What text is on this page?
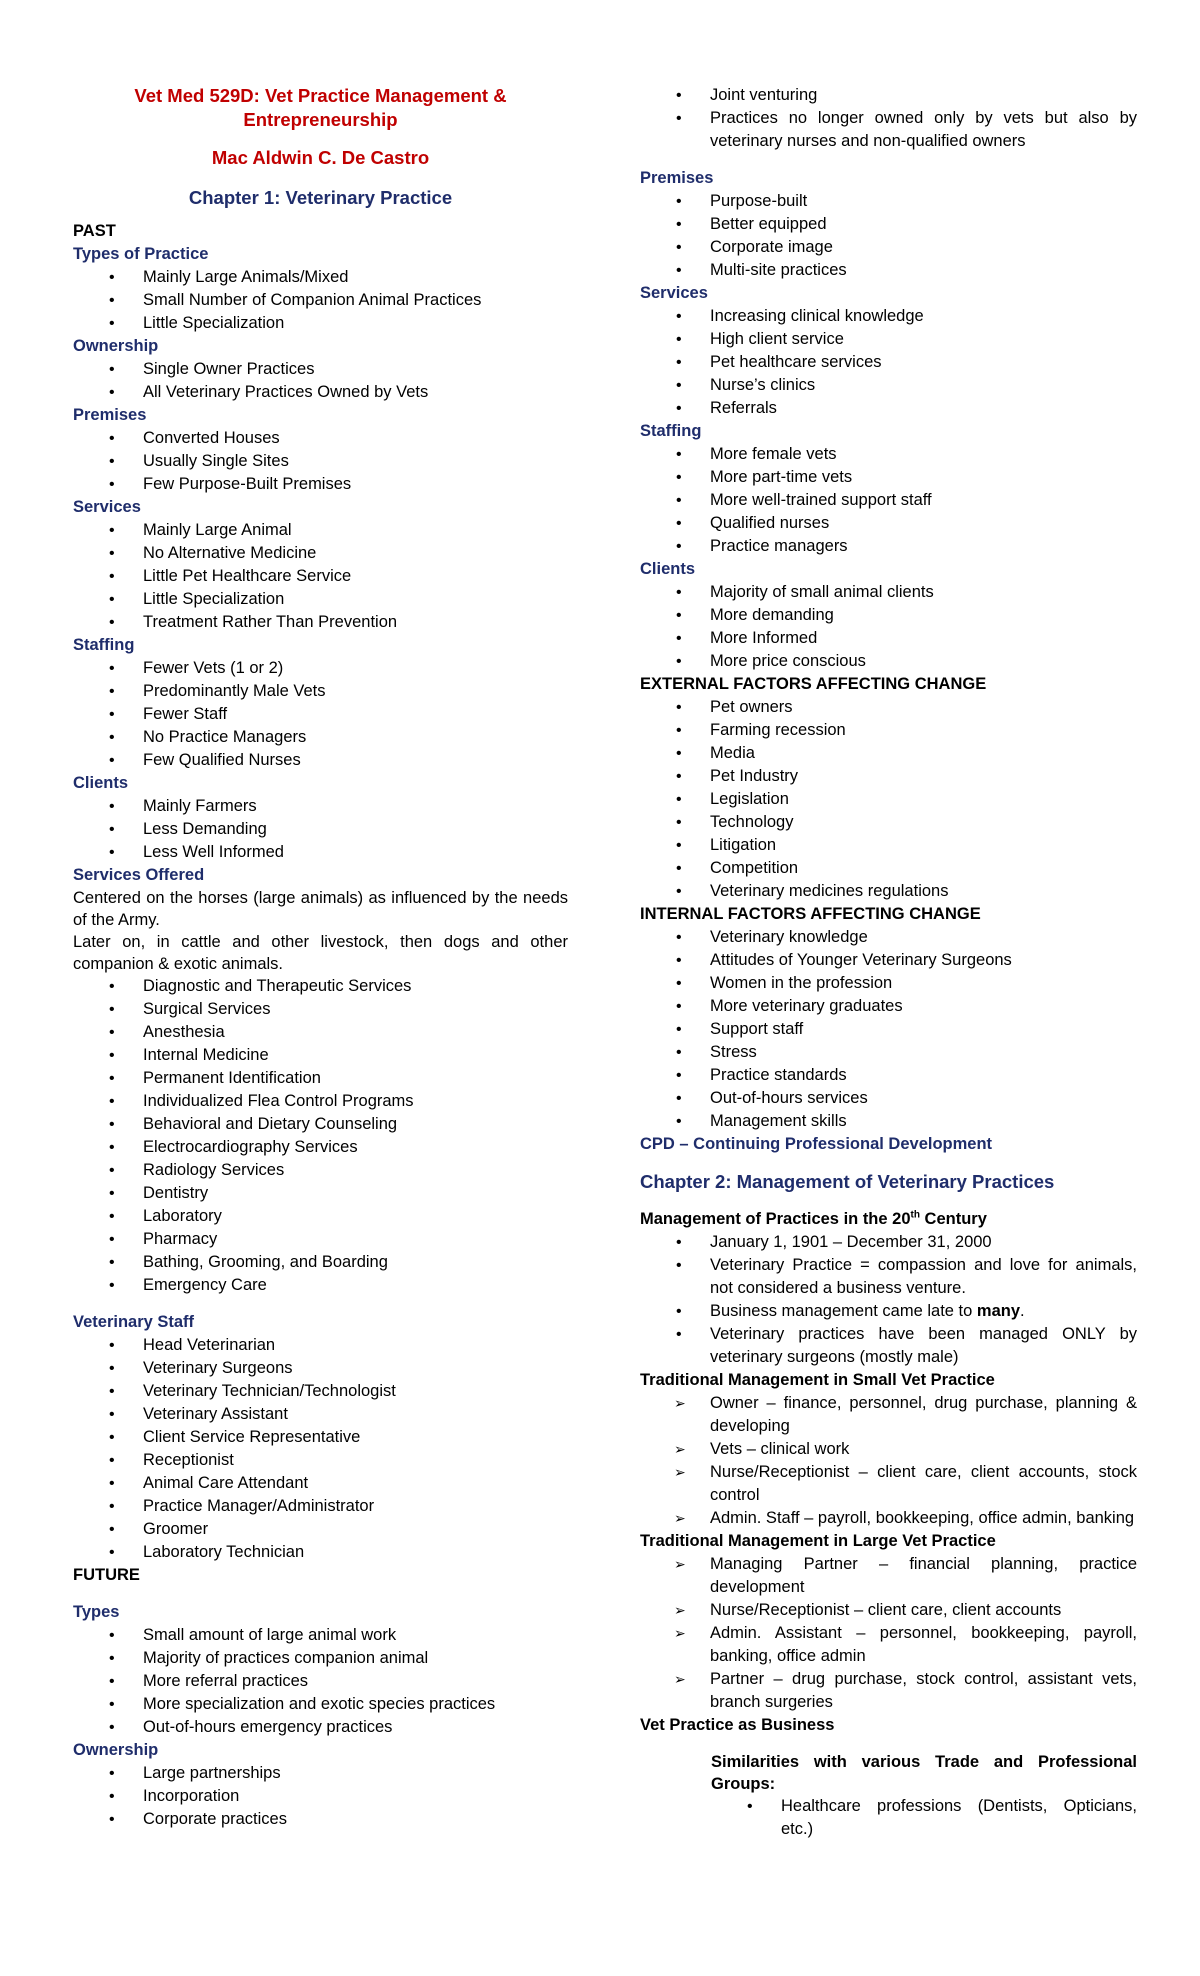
Vet Med 529D: Vet Practice Management & Entrepreneurship
Mac Aldwin C. De Castro
Chapter 1: Veterinary Practice
PAST
Types of Practice
• Mainly Large Animals/Mixed
• Small Number of Companion Animal Practices
• Little Specialization
Ownership
• Single Owner Practices
• All Veterinary Practices Owned by Vets
Premises
• Converted Houses
• Usually Single Sites
• Few Purpose-Built Premises
Services
• Mainly Large Animal
• No Alternative Medicine
• Little Pet Healthcare Service
• Little Specialization
• Treatment Rather Than Prevention
Staffing
• Fewer Vets (1 or 2)
• Predominantly Male Vets
• Fewer Staff
• No Practice Managers
• Few Qualified Nurses
Clients
• Mainly Farmers
• Less Demanding
• Less Well Informed
Services Offered

Centered on the horses (large animals) as influenced by the needs of the Army.

Later on, in cattle and other livestock, then dogs and other companion & exotic animals.

• Diagnostic and Therapeutic Services
• Surgical Services
• Anesthesia
• Internal Medicine
• Permanent Identification
• Individualized Flea Control Programs
• Behavioral and Dietary Counseling
• Electrocardiography Services
• Radiology Services
• Dentistry
• Laboratory
• Pharmacy
• Bathing, Grooming, and Boarding
• Emergency Care
Veterinary Staff
• Head Veterinarian
• Veterinary Surgeons
• Veterinary Technician/Technologist
• Veterinary Assistant
• Client Service Representative
• Receptionist
• Animal Care Attendant
• Practice Manager/Administrator
• Groomer
• Laboratory Technician
FUTURE
Types
• Small amount of large animal work
• Majority of practices companion animal
• More referral practices
• More specialization and exotic species practices
• Out-of-hours emergency practices
Ownership
• Large partnerships
• Incorporation
• Corporate practices
• Joint venturing
• Practices no longer owned only by vets but also by veterinary nurses and non-qualified owners
Premises
• Purpose-built
• Better equipped
• Corporate image
• Multi-site practices
Services
• Increasing clinical knowledge
• High client service
• Pet healthcare services
• Nurse’s clinics
• Referrals
Staffing
• More female vets
• More part-time vets
• More well-trained support staff
• Qualified nurses
• Practice managers
Clients
• Majority of small animal clients
• More demanding
• More Informed
• More price conscious
EXTERNAL FACTORS AFFECTING CHANGE
• Pet owners
• Farming recession
• Media
• Pet Industry
• Legislation
• Technology
• Litigation
• Competition
• Veterinary medicines regulations
INTERNAL FACTORS AFFECTING CHANGE
• Veterinary knowledge
• Attitudes of Younger Veterinary Surgeons
• Women in the profession
• More veterinary graduates
• Support staff
• Stress
• Practice standards
• Out-of-hours services
• Management skills
CPD – Continuing Professional Development
Chapter 2: Management of Veterinary Practices
Management of Practices in the 20th Century
• January 1, 1901 – December 31, 2000
• Veterinary Practice = compassion and love for animals, not considered a business venture.
• Business management came late to many.
• Veterinary practices have been managed ONLY by veterinary surgeons (mostly male)
Traditional Management in Small Vet Practice
➢ Owner – finance, personnel, drug purchase, planning & developing
➢ Vets – clinical work
➢ Nurse/Receptionist – client care, client accounts, stock control
➢ Admin. Staff – payroll, bookkeeping, office admin, banking
Traditional Management in Large Vet Practice
➢ Managing Partner – financial planning, practice development
➢ Nurse/Receptionist – client care, client accounts
➢ Admin. Assistant – personnel, bookkeeping, payroll, banking, office admin
➢ Partner – drug purchase, stock control, assistant vets, branch surgeries
Vet Practice as Business
Similarities with various Trade and Professional Groups:
• Healthcare professions (Dentists, Opticians, etc.)
